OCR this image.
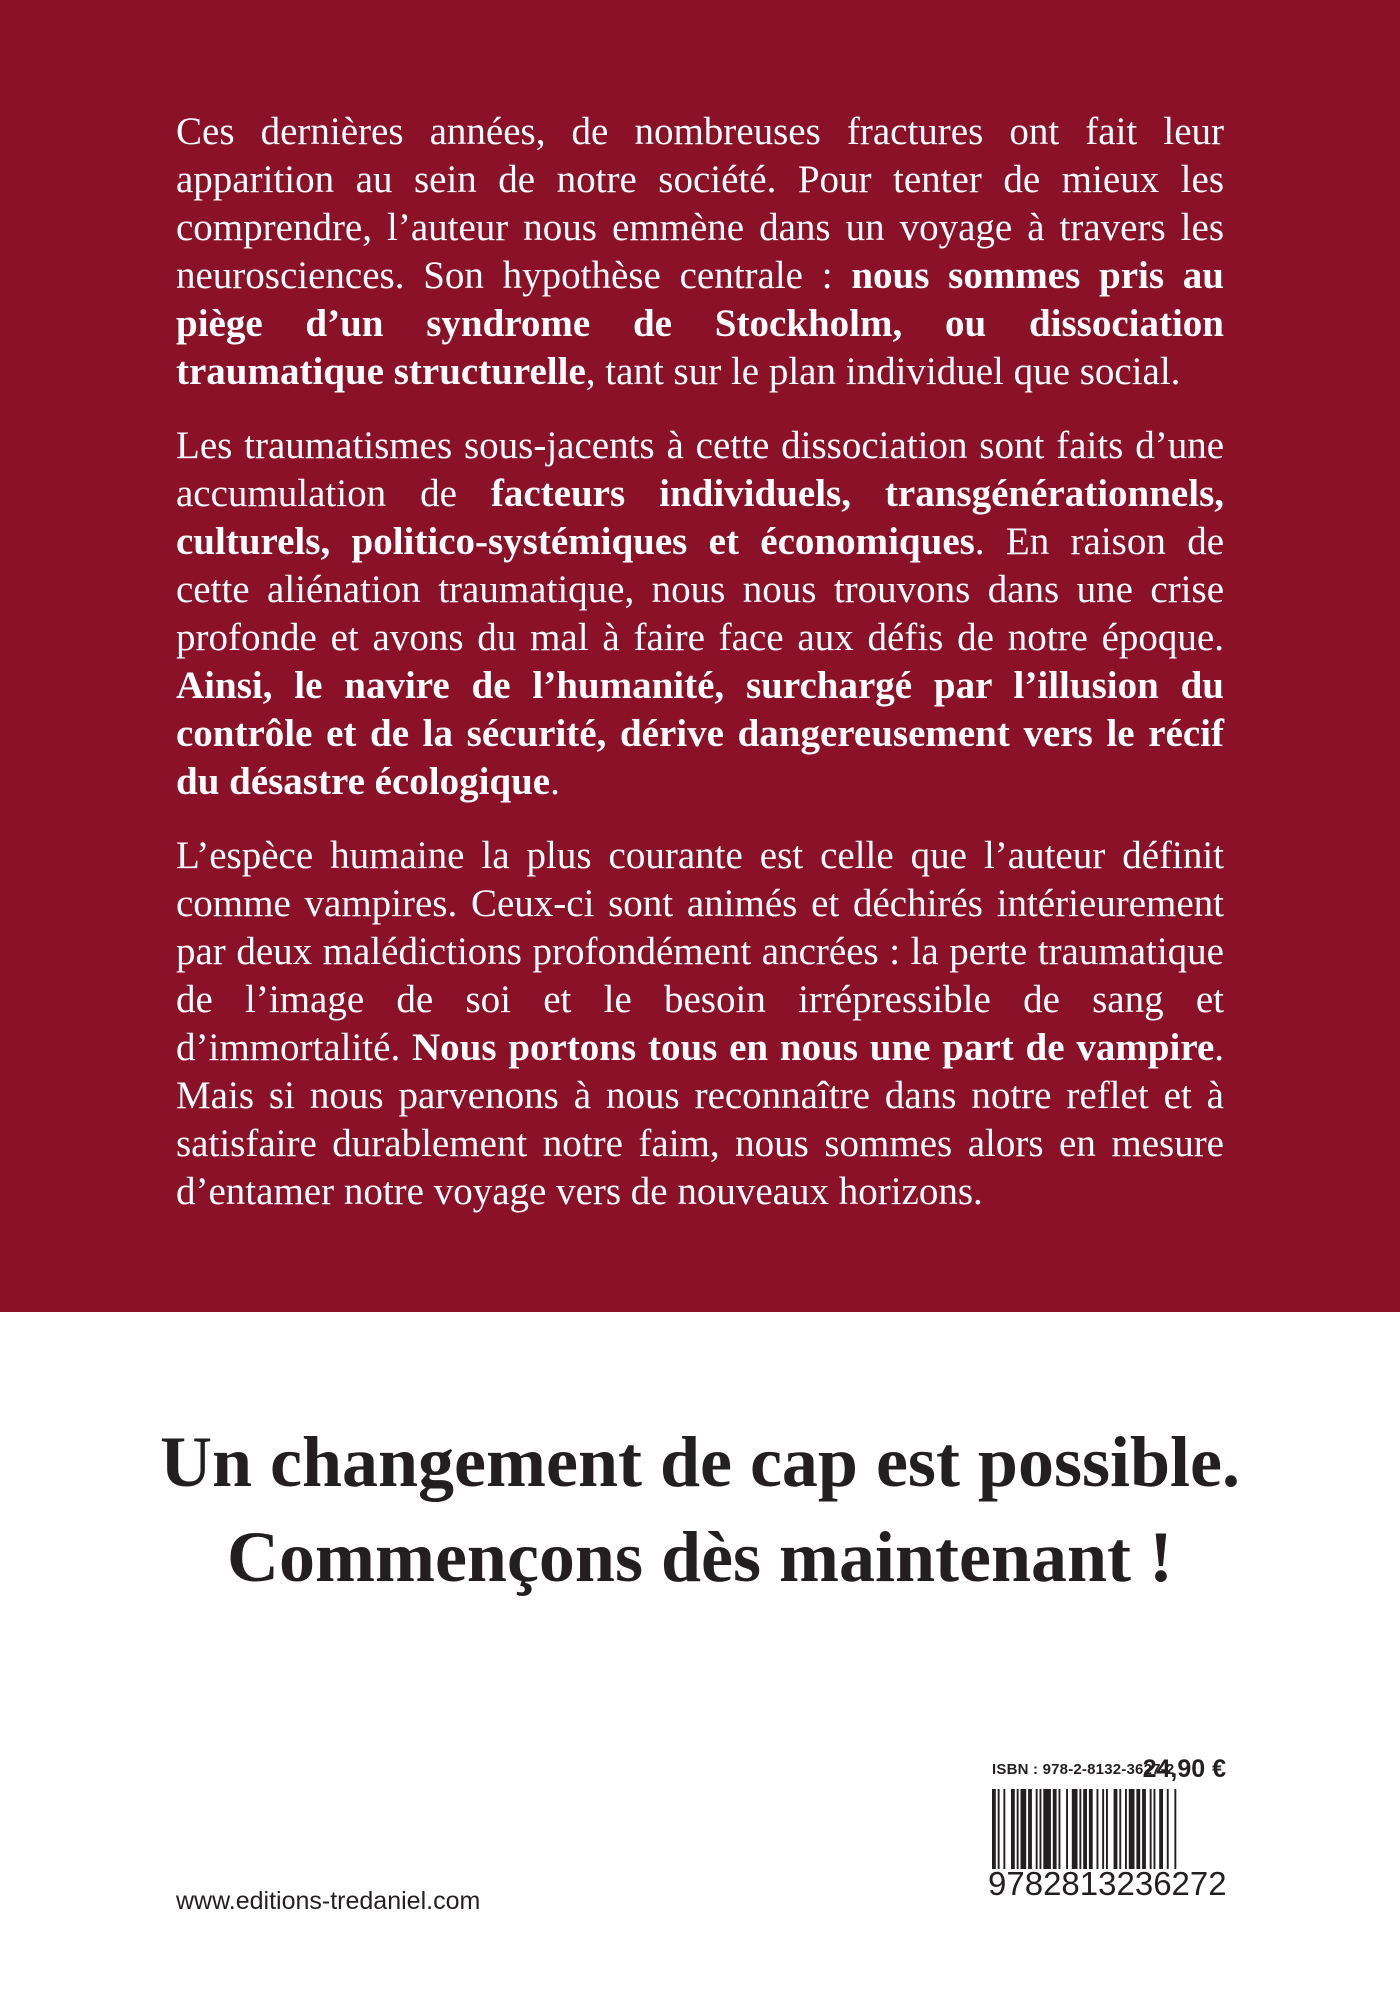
Ces dernières années, de nombreuses fractures ont fait leur apparition au sein de notre société. Pour tenter de mieux les comprendre, l’auteur nous emmène dans un voyage à travers les neurosciences. Son hypothèse centrale : nous sommes pris au piège d’un syndrome de Stockholm, ou dissociation traumatique structurelle, tant sur le plan individuel que social.

Les traumatismes sous-jacents à cette dissociation sont faits d’une accumulation de facteurs individuels, transgénérationnels, culturels, politico-systémiques et économiques. En raison de cette aliénation traumatique, nous nous trouvons dans une crise profonde et avons du mal à faire face aux défis de notre époque. Ainsi, le navire de l’humanité, surchargé par l’illusion du contrôle et de la sécurité, dérive dangereusement vers le récif du désastre écologique.

L’espèce humaine la plus courante est celle que l’auteur définit comme vampires. Ceux-ci sont animés et déchirés intérieurement par deux malédictions profondément ancrées : la perte traumatique de l’image de soi et le besoin irrépressible de sang et d’immortalité. Nous portons tous en nous une part de vampire. Mais si nous parvenons à nous reconnaître dans notre reflet et à satisfaire durablement notre faim, nous sommes alors en mesure d’entamer notre voyage vers de nouveaux horizons.

Un changement de cap est possible.
Commençons dès maintenant !
www.editions-tredaniel.com
ISBN : 978-2-8132-3627-2
24,90 €
9 782813 236272
